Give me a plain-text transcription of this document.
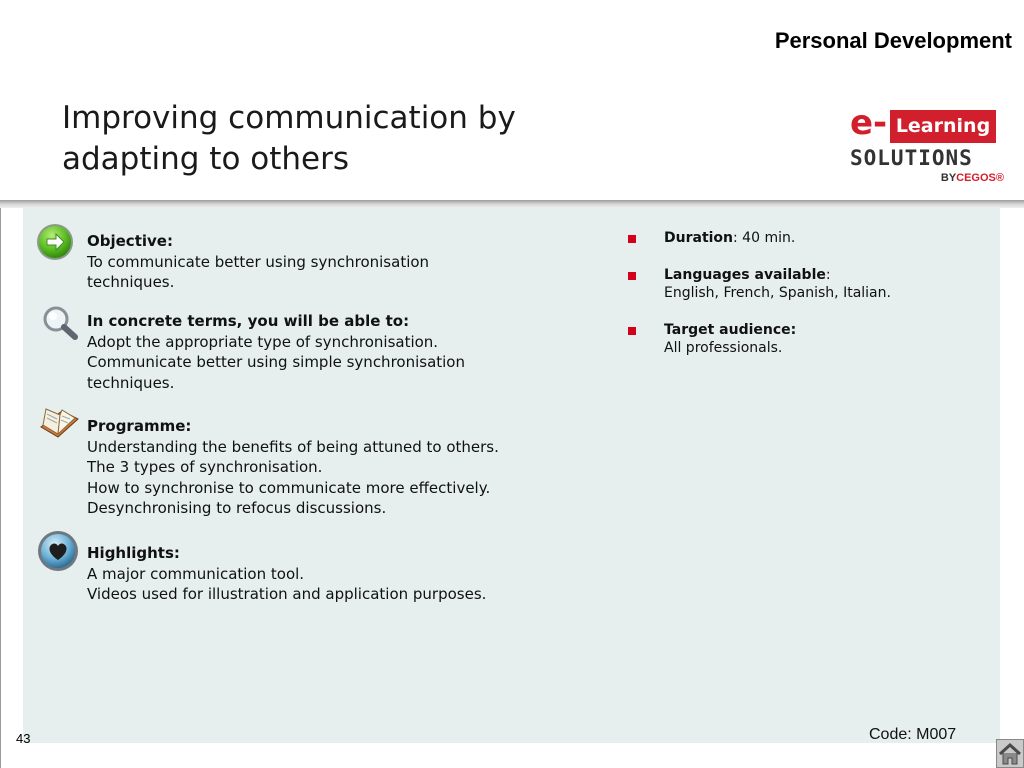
Personal Development
Improving communication by
adapting to others
e- Learning
SOLUTIONS
BYCEGOS®
Objective:
To communicate better using synchronisation
techniques.
In concrete terms, you will be able to:
Adopt the appropriate type of synchronisation.
Communicate better using simple synchronisation
techniques.
Programme:
Understanding the benefits of being attuned to others.
The 3 types of synchronisation.
How to synchronise to communicate more effectively.
Desynchronising to refocus discussions.
Highlights:
A major communication tool.
Videos used for illustration and application purposes.
Duration: 40 min.
Languages available:
English, French, Spanish, Italian.
Target audience:
All professionals.
43	Code: M007
